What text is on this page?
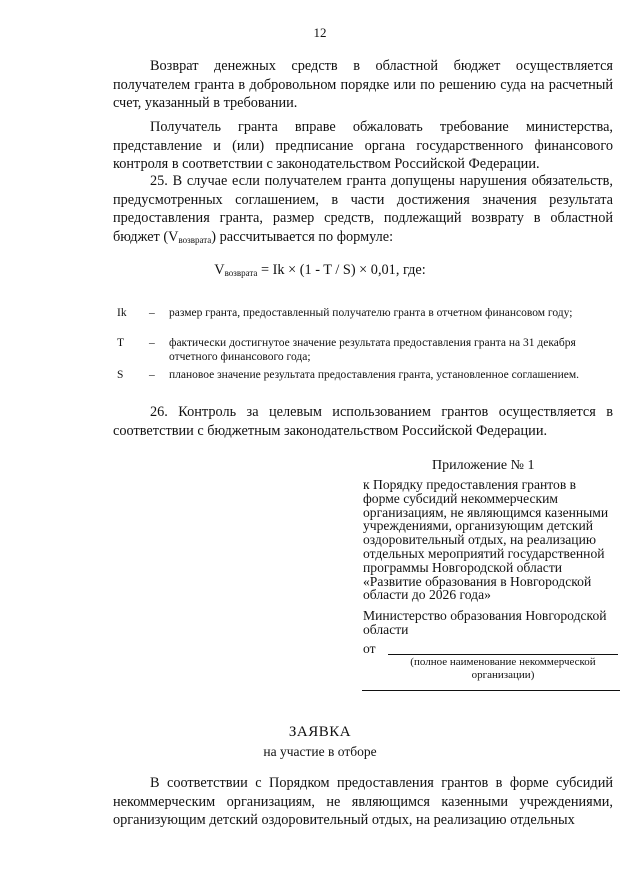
12

Возврат денежных средств в областной бюджет осуществляется получателем гранта в добровольном порядке или по решению суда на расчетный счет, указанный в требовании.

Получатель гранта вправе обжаловать требование министерства, представление и (или) предписание органа государственного финансового контроля в соответствии с законодательством Российской Федерации.

25. В случае если получателем гранта допущены нарушения обязательств, предусмотренных соглашением, в части достижения значения результата предоставления гранта, размер средств, подлежащий возврату в областной бюджет $(V_{возврата})$ рассчитывается по формуле:

$V_{возврата} = Ik \times (1 - T / S) \times 0,01$, где:
Ik – размер гранта, предоставленный получателю гранта в отчетном финансовом году;
T – фактически достигнутое значение результата предоставления гранта на 31 декабря отчетного финансового года;
S – плановое значение результата предоставления гранта, установленное соглашением.

26. Контроль за целевым использованием грантов осуществляется в соответствии с бюджетным законодательством Российской Федерации.

Приложение № 1
к Порядку предоставления грантов в форме субсидий некоммерческим организациям, не являющимся казенными учреждениями, организующим детский оздоровительный отдых, на реализацию отдельных мероприятий государственной программы Новгородской области «Развитие образования в Новгородской области до 2026 года»
Министерство образования Новгородской области
от
(полное наименование некоммерческой организации)
ЗАЯВКА
на участие в отборе

В соответствии с Порядком предоставления грантов в форме субсидий некоммерческим организациям, не являющимся казенными учреждениями, организующим детский оздоровительный отдых, на реализацию отдельных
